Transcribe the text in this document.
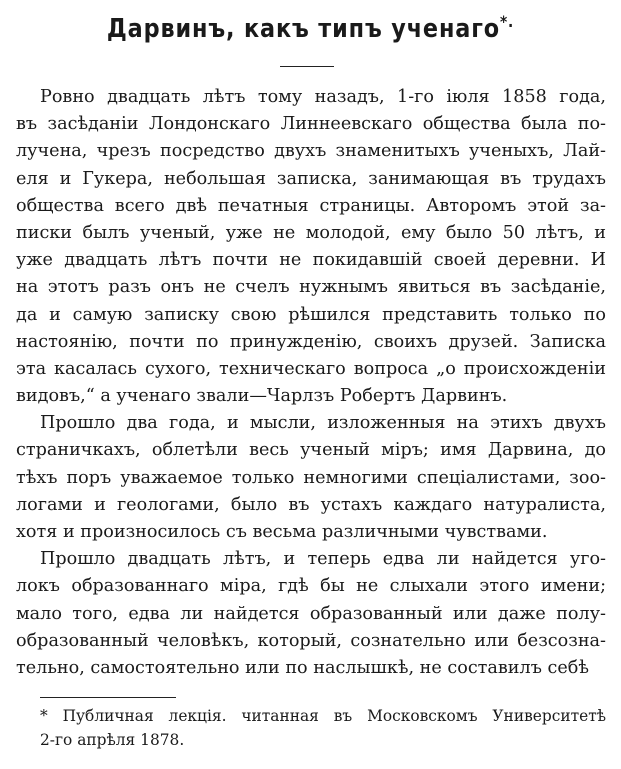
Дарвинъ, какъ типъ ученаго*.
Ровно двадцать лѣтъ тому назадъ, 1-го іюля 1858 года,
въ засѣданіи Лондонскаго Линнеевскаго общества была по-
лучена, чрезъ посредство двухъ знаменитыхъ ученыхъ, Лай-
еля и Гукера, небольшая записка, занимающая въ трудахъ
общества всего двѣ печатныя страницы. Авторомъ этой за-
писки былъ ученый, уже не молодой, ему было 50 лѣтъ, и
уже двадцать лѣтъ почти не покидавшій своей деревни. И
на этотъ разъ онъ не счелъ нужнымъ явиться въ засѣданіе,
да и самую записку свою рѣшился представить только по
настоянію, почти по принужденію, своихъ друзей. Записка
эта касалась сухого, техническаго вопроса „о происхожденіи
видовъ,“ а ученаго звали—Чарлзъ Робертъ Дарвинъ.
Прошло два года, и мысли, изложенныя на этихъ двухъ
страничкахъ, облетѣли весь ученый міръ; имя Дарвина, до
тѣхъ поръ уважаемое только немногими спеціалистами, зоо-
логами и геологами, было въ устахъ каждаго натуралиста,
хотя и произносилось съ весьма различными чувствами.
Прошло двадцать лѣтъ, и теперь едва ли найдется уго-
локъ образованнаго міра, гдѣ бы не слыхали этого имени;
мало того, едва ли найдется образованный или даже полу-
образованный человѣкъ, который, сознательно или безсозна-
тельно, самостоятельно или по наслышкѣ, не составилъ себѣ
* Публичная лекція. читанная въ Московскомъ Университетѣ
2-го апрѣля 1878.
